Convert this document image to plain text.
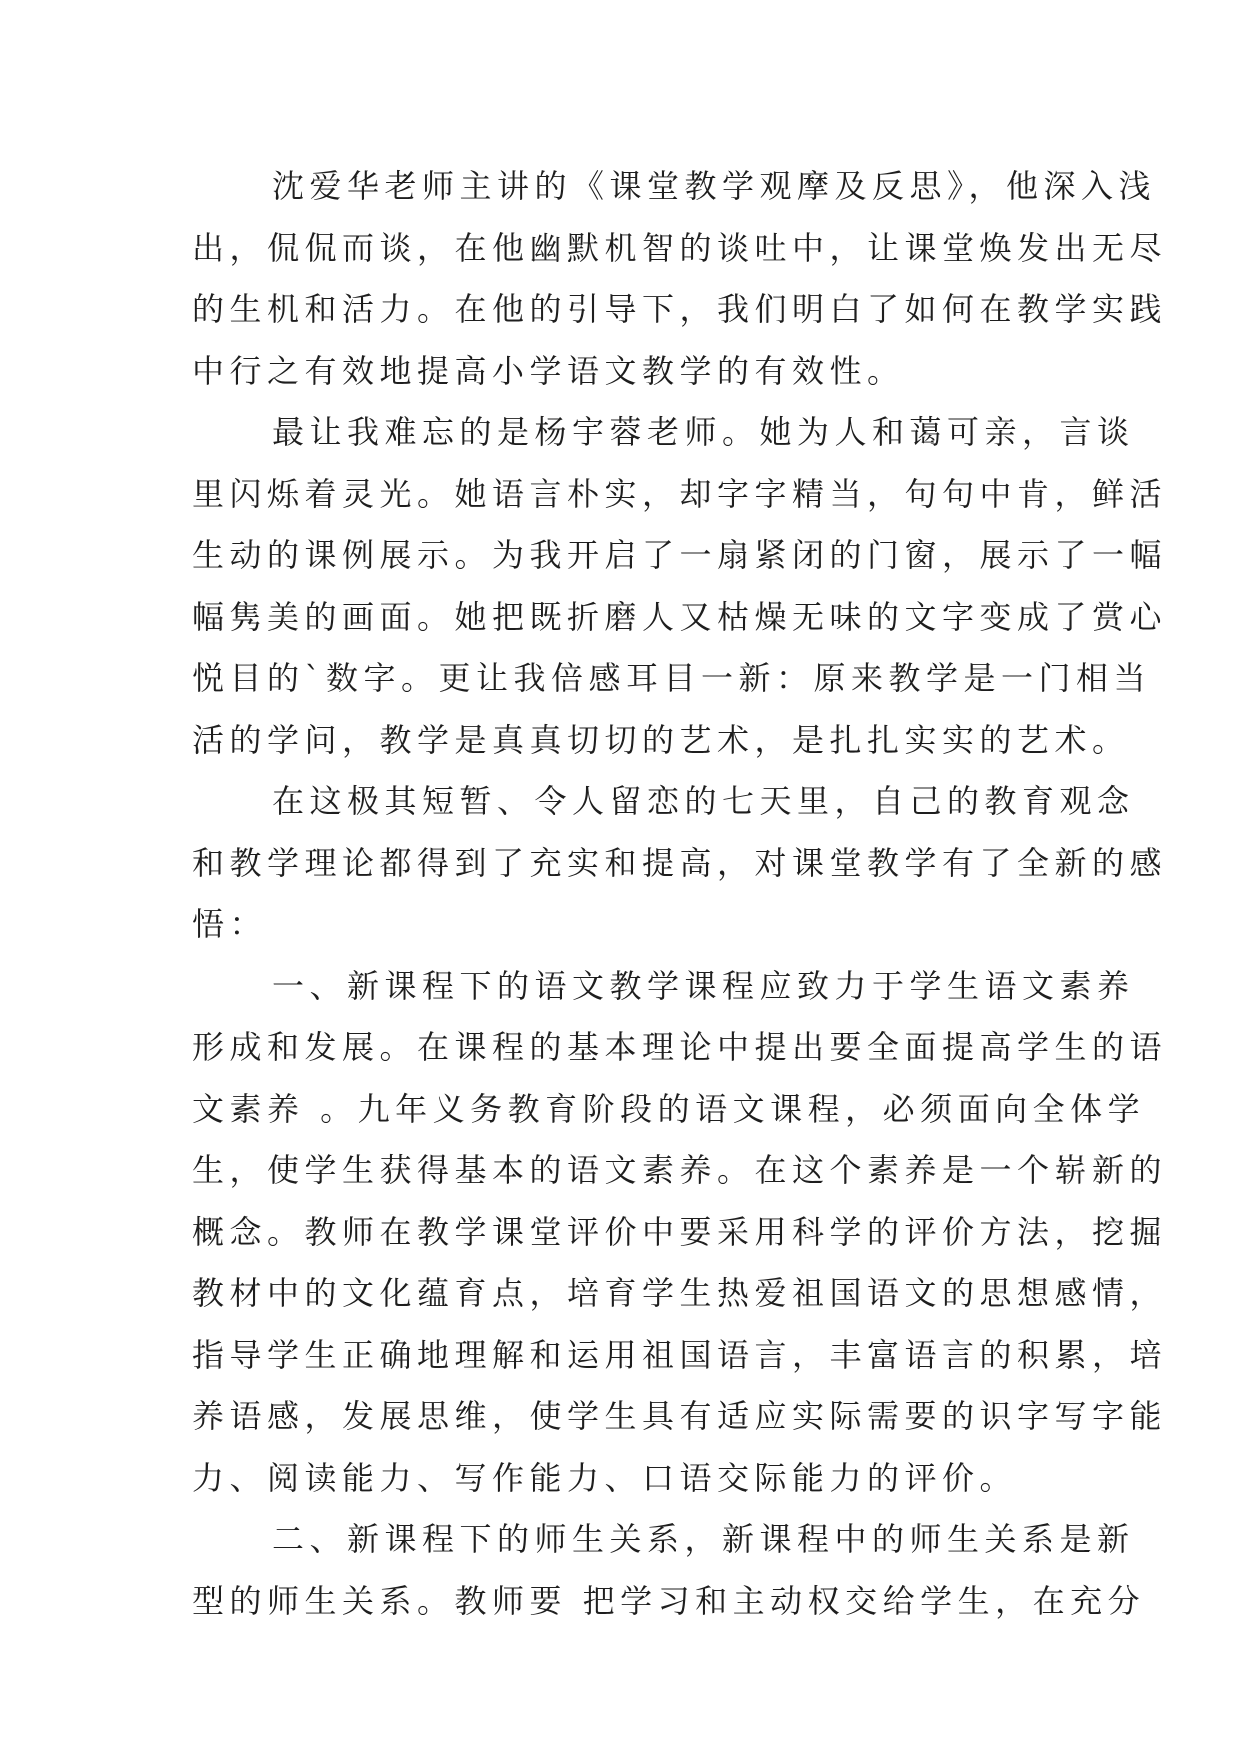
沈爱华老师主讲的《课堂教学观摩及反思》，他深入浅
出，侃侃而谈，在他幽默机智的谈吐中，让课堂焕发出无尽
的生机和活力。在他的引导下，我们明白了如何在教学实践
中行之有效地提高小学语文教学的有效性。
最让我难忘的是杨宇蓉老师。她为人和蔼可亲，言谈
里闪烁着灵光。她语言朴实，却字字精当，句句中肯，鲜活
生动的课例展示。为我开启了一扇紧闭的门窗，展示了一幅
幅隽美的画面。她把既折磨人又枯燥无味的文字变成了赏心
悦目的`数字。更让我倍感耳目一新：原来教学是一门相当
活的学问，教学是真真切切的艺术，是扎扎实实的艺术。
在这极其短暂、令人留恋的七天里，自己的教育观念
和教学理论都得到了充实和提高，对课堂教学有了全新的感
悟：
一、新课程下的语文教学课程应致力于学生语文素养
形成和发展。在课程的基本理论中提出要全面提高学生的语
文素养 。九年义务教育阶段的语文课程，必须面向全体学
生，使学生获得基本的语文素养。在这个素养是一个崭新的
概念。教师在教学课堂评价中要采用科学的评价方法，挖掘
教材中的文化蕴育点，培育学生热爱祖国语文的思想感情，
指导学生正确地理解和运用祖国语言，丰富语言的积累，培
养语感，发展思维，使学生具有适应实际需要的识字写字能
力、阅读能力、写作能力、口语交际能力的评价。
二、新课程下的师生关系，新课程中的师生关系是新
型的师生关系。教师要 把学习和主动权交给学生，在充分
